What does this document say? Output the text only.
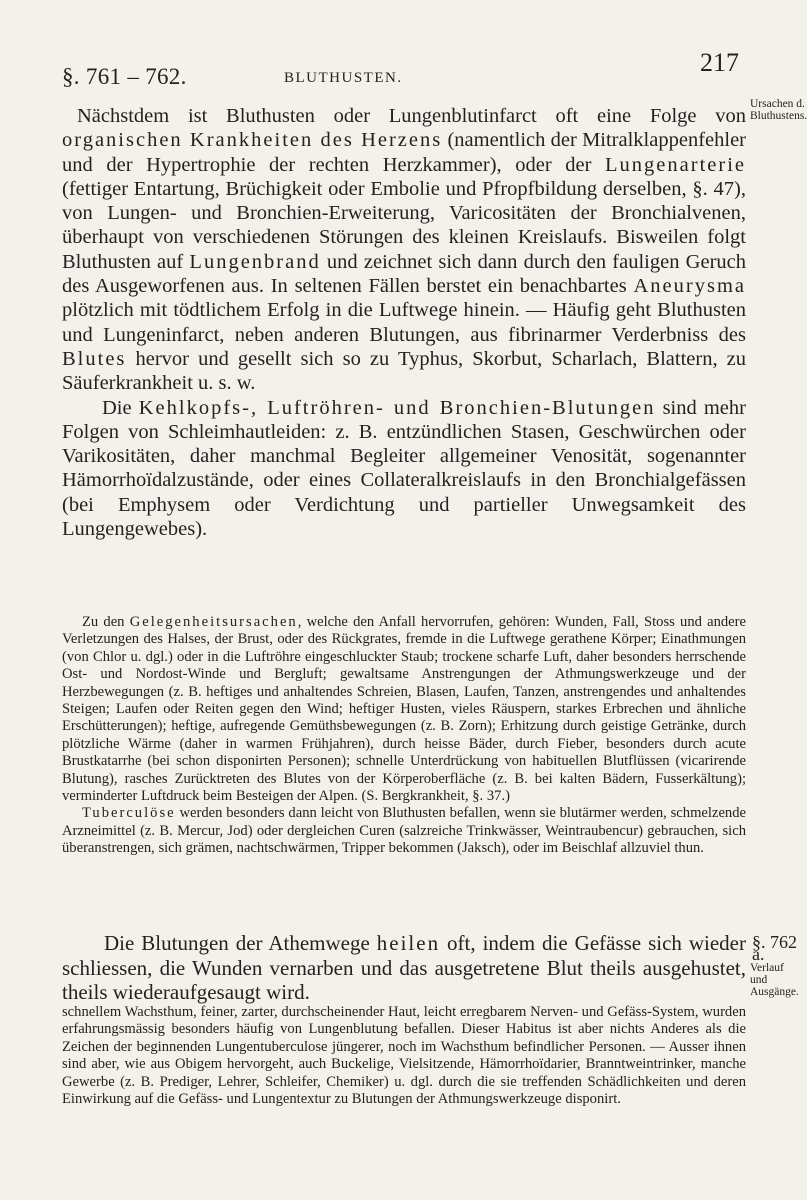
§. 761 – 762.	BLUTHUSTEN.
217
Ursachen d.
Bluthustens.
Nächstdem ist Bluthusten oder Lungenblutinfarct oft eine Folge von organischen Krankheiten des Herzens (namentlich der Mitralklappenfehler und der Hypertrophie der rechten Herzkammer), oder der Lungenarterie (fettiger Entartung, Brüchigkeit oder Embolie und Pfropfbildung derselben, §. 47), von Lungen- und Bronchien-Erweiterung, Varicositäten der Bronchialvenen, überhaupt von verschiedenen Störungen des kleinen Kreislaufs. Bisweilen folgt Bluthusten auf Lungenbrand und zeichnet sich dann durch den fauligen Geruch des Ausgeworfenen aus. In seltenen Fällen berstet ein benachbartes Aneurysma plötzlich mit tödtlichem Erfolg in die Luftwege hinein. — Häufig geht Bluthusten und Lungeninfarct, neben anderen Blutungen, aus fibrinarmer Verderbniss des Blutes hervor und gesellt sich so zu Typhus, Skorbut, Scharlach, Blattern, zu Säuferkrankheit u. s. w.
Die Kehlkopfs-, Luftröhren- und Bronchien-Blutungen sind mehr Folgen von Schleimhautleiden: z. B. entzündlichen Stasen, Geschwürchen oder Varikositäten, daher manchmal Begleiter allgemeiner Venosität, sogenannter Hämorrhoïdalzustände, oder eines Collateralkreislaufs in den Bronchialgefässen (bei Emphysem oder Verdichtung und partieller Unwegsamkeit des Lungengewebes).
Zu den Gelegenheitsursachen, welche den Anfall hervorrufen, gehören: Wunden, Fall, Stoss und andere Verletzungen des Halses, der Brust, oder des Rückgrates, fremde in die Luftwege gerathene Körper; Einathmungen (von Chlor u. dgl.) oder in die Luftröhre eingeschluckter Staub; trockene scharfe Luft, daher besonders herrschende Ost- und Nordost-Winde und Bergluft; gewaltsame Anstrengungen der Athmungswerkzeuge und der Herzbewegungen (z. B. heftiges und anhaltendes Schreien, Blasen, Laufen, Tanzen, anstrengendes und anhaltendes Steigen; Laufen oder Reiten gegen den Wind; heftiger Husten, vieles Räuspern, starkes Erbrechen und ähnliche Erschütterungen); heftige, aufregende Gemüthsbewegungen (z. B. Zorn); Erhitzung durch geistige Getränke, durch plötzliche Wärme (daher in warmen Frühjahren), durch heisse Bäder, durch Fieber, besonders durch acute Brustkatarrhe (bei schon disponirten Personen); schnelle Unterdrückung von habituellen Blutflüssen (vicarirende Blutung), rasches Zurücktreten des Blutes von der Körperoberfläche (z. B. bei kalten Bädern, Fusserkältung); verminderter Luftdruck beim Besteigen der Alpen. (S. Bergkrankheit, §. 37.)
Tuberculöse werden besonders dann leicht von Bluthusten befallen, wenn sie blutärmer werden, schmelzende Arzneimittel (z. B. Mercur, Jod) oder dergleichen Curen (salzreiche Trinkwässer, Weintraubencur) gebrauchen, sich überanstrengen, sich grämen, nachtschwärmen, Tripper bekommen (Jaksch), oder im Beischlaf allzuviel thun.
§. 762 a.
Verlauf und
Ausgänge.
Die Blutungen der Athemwege heilen oft, indem die Gefässe sich wieder schliessen, die Wunden vernarben und das ausgetretene Blut theils ausgehustet, theils wiederaufgesaugt wird.
schnellem Wachsthum, feiner, zarter, durchscheinender Haut, leicht erregbarem Nerven- und Gefäss-System, wurden erfahrungsmässig besonders häufig von Lungenblutung befallen. Dieser Habitus ist aber nichts Anderes als die Zeichen der beginnenden Lungentuberculose jüngerer, noch im Wachsthum befindlicher Personen. — Ausser ihnen sind aber, wie aus Obigem hervorgeht, auch Buckelige, Vielsitzende, Hämorrhoïdarier, Branntweintrinker, manche Gewerbe (z. B. Prediger, Lehrer, Schleifer, Chemiker) u. dgl. durch die sie treffenden Schädlichkeiten und deren Einwirkung auf die Gefäss- und Lungentextur zu Blutungen der Athmungswerkzeuge disponirt.
